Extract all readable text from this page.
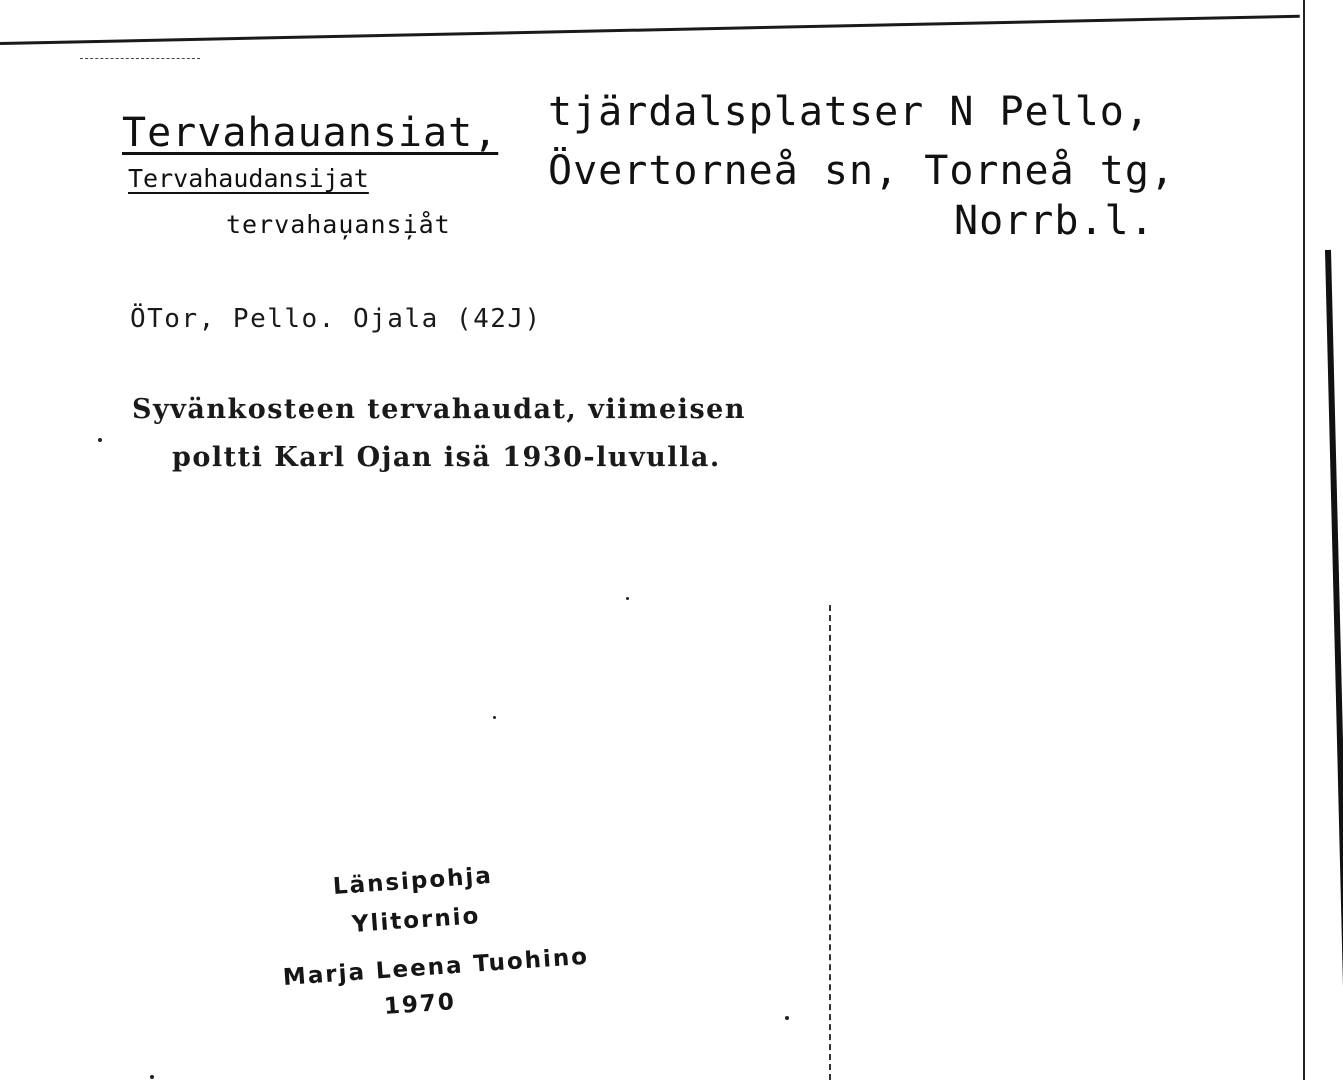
Tervahauansiat, tjärdalsplatser N Pello,
Övertorneå sn, Torneå tg,
Norrb.l.
Tervahaudansijat
tervahau̦ansi̦åt
ÖTor, Pello. Ojala (42J)
Syvänkosteen tervahaudat, viimeisen
poltti Karl Ojan isä 1930-luvulla.
Länsipohja
Ylitornio
Marja Leena Tuohino
1970
